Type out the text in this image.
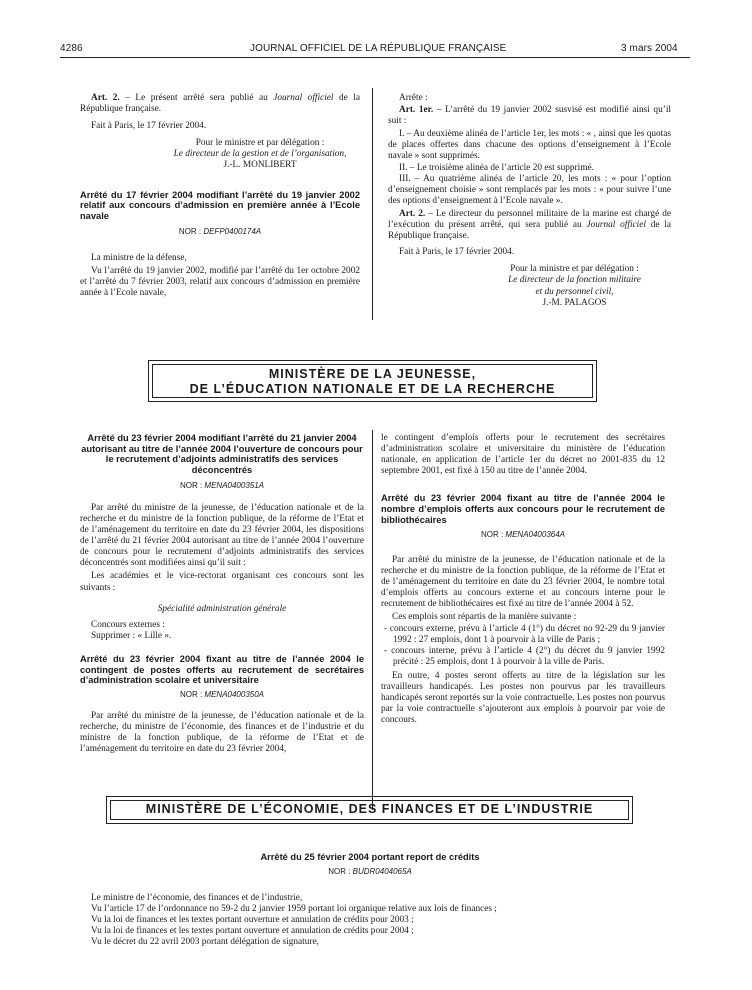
4286	JOURNAL OFFICIEL DE LA RÉPUBLIQUE FRANÇAISE	3 mars 2004

Art. 2. – Le présent arrêté sera publié au Journal officiel de la République française.

Fait à Paris, le 17 février 2004.

Pour le ministre et par délégation :

Le directeur de la gestion et de l’organisation,

J.-L. MONLIBERT

Arrêté du 17 février 2004 modifiant l’arrêté du 19 janvier 2002 relatif aux concours d’admission en première année à l’Ecole navale

NOR : DEFP0400174A

La ministre de la défense,

Vu l’arrêté du 19 janvier 2002, modifié par l’arrêté du 1er octobre 2002 et l’arrêté du 7 février 2003, relatif aux concours d’admission en première année à l’Ecole navale,

Arrête :

Art. 1er. – L’arrêté du 19 janvier 2002 susvisé est modifié ainsi qu’il suit :

I. – Au deuxième alinéa de l’article 1er, les mots : « , ainsi que les quotas de places offertes dans chacune des options d’enseignement à l’Ecole navale » sont supprimés.

II. – Le troisième alinéa de l’article 20 est supprimé.

III. – Au quatrième alinéa de l’article 20, les mots : « pour l’option d’enseignement choisie » sont remplacés par les mots : « pour suivre l’une des options d’enseignement à l’Ecole navale ».

Art. 2. – Le directeur du personnel militaire de la marine est chargé de l’exécution du présent arrêté, qui sera publié au Journal officiel de la République française.

Fait à Paris, le 17 février 2004.

Pour la ministre et par délégation :

Le directeur de la fonction militaire

et du personnel civil,

J.-M. PALAGOS

MINISTÈRE DE LA JEUNESSE,
DE L’ÉDUCATION NATIONALE ET DE LA RECHERCHE

Arrêté du 23 février 2004 modifiant l’arrêté du 21 janvier 2004 autorisant au titre de l’année 2004 l’ouverture de concours pour le recrutement d’adjoints administratifs des services déconcentrés

NOR : MENA0400351A

Par arrêté du ministre de la jeunesse, de l’éducation nationale et de la recherche et du ministre de la fonction publique, de la réforme de l’Etat et de l’aménagement du territoire en date du 23 février 2004, les dispositions de l’arrêté du 21 février 2004 autorisant au titre de l’année 2004 l’ouverture de concours pour le recrutement d’adjoints administratifs des services déconcentrés sont modifiées ainsi qu’il suit :

Les académies et le vice-rectorat organisant ces concours sont les suivants :

Spécialité administration générale

Concours externes :

Supprimer : « Lille ».

Arrêté du 23 février 2004 fixant au titre de l’année 2004 le contingent de postes offerts au recrutement de secrétaires d’administration scolaire et universitaire

NOR : MENA0400350A

Par arrêté du ministre de la jeunesse, de l’éducation nationale et de la recherche, du ministre de l’économie, des finances et de l’industrie et du ministre de la fonction publique, de la réforme de l’Etat et de l’aménagement du territoire en date du 23 février 2004,

le contingent d’emplois offerts pour le recrutement des secrétaires d’administration scolaire et universitaire du ministère de l’éducation nationale, en application de l’article 1er du décret no 2001-835 du 12 septembre 2001, est fixé à 150 au titre de l’année 2004.

Arrêté du 23 février 2004 fixant au titre de l’année 2004 le nombre d’emplois offerts aux concours pour le recrutement de bibliothécaires

NOR : MENA0400364A

Par arrêté du ministre de la jeunesse, de l’éducation nationale et de la recherche et du ministre de la fonction publique, de la réforme de l’Etat et de l’aménagement du territoire en date du 23 février 2004, le nombre total d’emplois offerts au concours externe et au concours interne pour le recrutement de bibliothécaires est fixé au titre de l’année 2004 à 52.

Ces emplois sont répartis de la manière suivante :

- concours externe, prévu à l’article 4 (1°) du décret no 92-29 du 9 janvier 1992 : 27 emplois, dont 1 à pourvoir à la ville de Paris ;

- concours interne, prévu à l’article 4 (2°) du décret du 9 janvier 1992 précité : 25 emplois, dont 1 à pourvoir à la ville de Paris.

En outre, 4 postes seront offerts au titre de la législation sur les travailleurs handicapés. Les postes non pourvus par les travailleurs handicapés seront reportés sur la voie contractuelle. Les postes non pourvus par la voie contractuelle s’ajouteront aux emplois à pourvoir par voie de concours.

MINISTÈRE DE L’ÉCONOMIE, DES FINANCES ET DE L’INDUSTRIE
Arrêté du 25 février 2004 portant report de crédits
NOR : BUDR0404065A

Le ministre de l’économie, des finances et de l’industrie,

Vu l’article 17 de l’ordonnance no 59-2 du 2 janvier 1959 portant loi organique relative aux lois de finances ;

Vu la loi de finances et les textes portant ouverture et annulation de crédits pour 2003 ;

Vu la loi de finances et les textes portant ouverture et annulation de crédits pour 2004 ;

Vu le décret du 22 avril 2003 portant délégation de signature,
